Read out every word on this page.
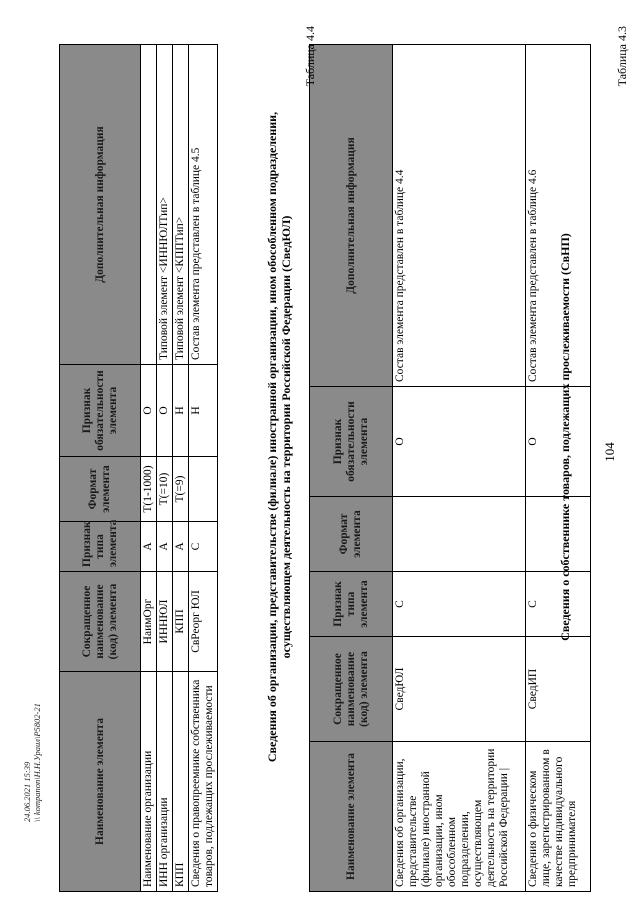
104
Таблица 4.3
Сведения о собственнике товаров, подлежащих прослеживаемости (СвНП)
Наименование элемента	Сокращенное наименование (код) элемента	Признак типа элемента	Формат элемента	Признак обязательности элемента	Дополнительная информация
Сведения об организации, представительстве (филиале) иностранной организации, ином обособленном подразделении, осуществляющем деятельность на территории Российской Федерации |	СведЮЛ	С		О	Состав элемента представлен в таблице 4.4
Сведения о физическом лице, зарегистрированном в качестве индивидуального предпринимателя	СведИП	С		О	Состав элемента представлен в таблице 4.6
Таблица 4.4
Сведения об организации, представительстве (филиале) иностранной организации, ином обособленном подразделении, осуществляющем деятельность на территории Российской Федерации (СведЮЛ)
Наименование элемента	Сокращенное наименование (код) элемента	Признак типа элемента	Формат элемента	Признак обязательности элемента	Дополнительная информация
Наименование организации	НаимОрг	А	T(1-1000)	О	
ИНН организации	ИННЮЛ	А	T(=10)	О	Типовой элемент <ИННЮЛТип>
КПП	КПП	А	T(=9)	Н	Типовой элемент <КППТип>
Сведения о правопреемнике собственника товаров, подлежащих прослеживаемости	СвРеорг ЮЛ	С		Н	Состав элемента представлен в таблице 4.5
24.06.2021 15:39 \\ kompanon\Н.Н.Ураил\Р5802-21
